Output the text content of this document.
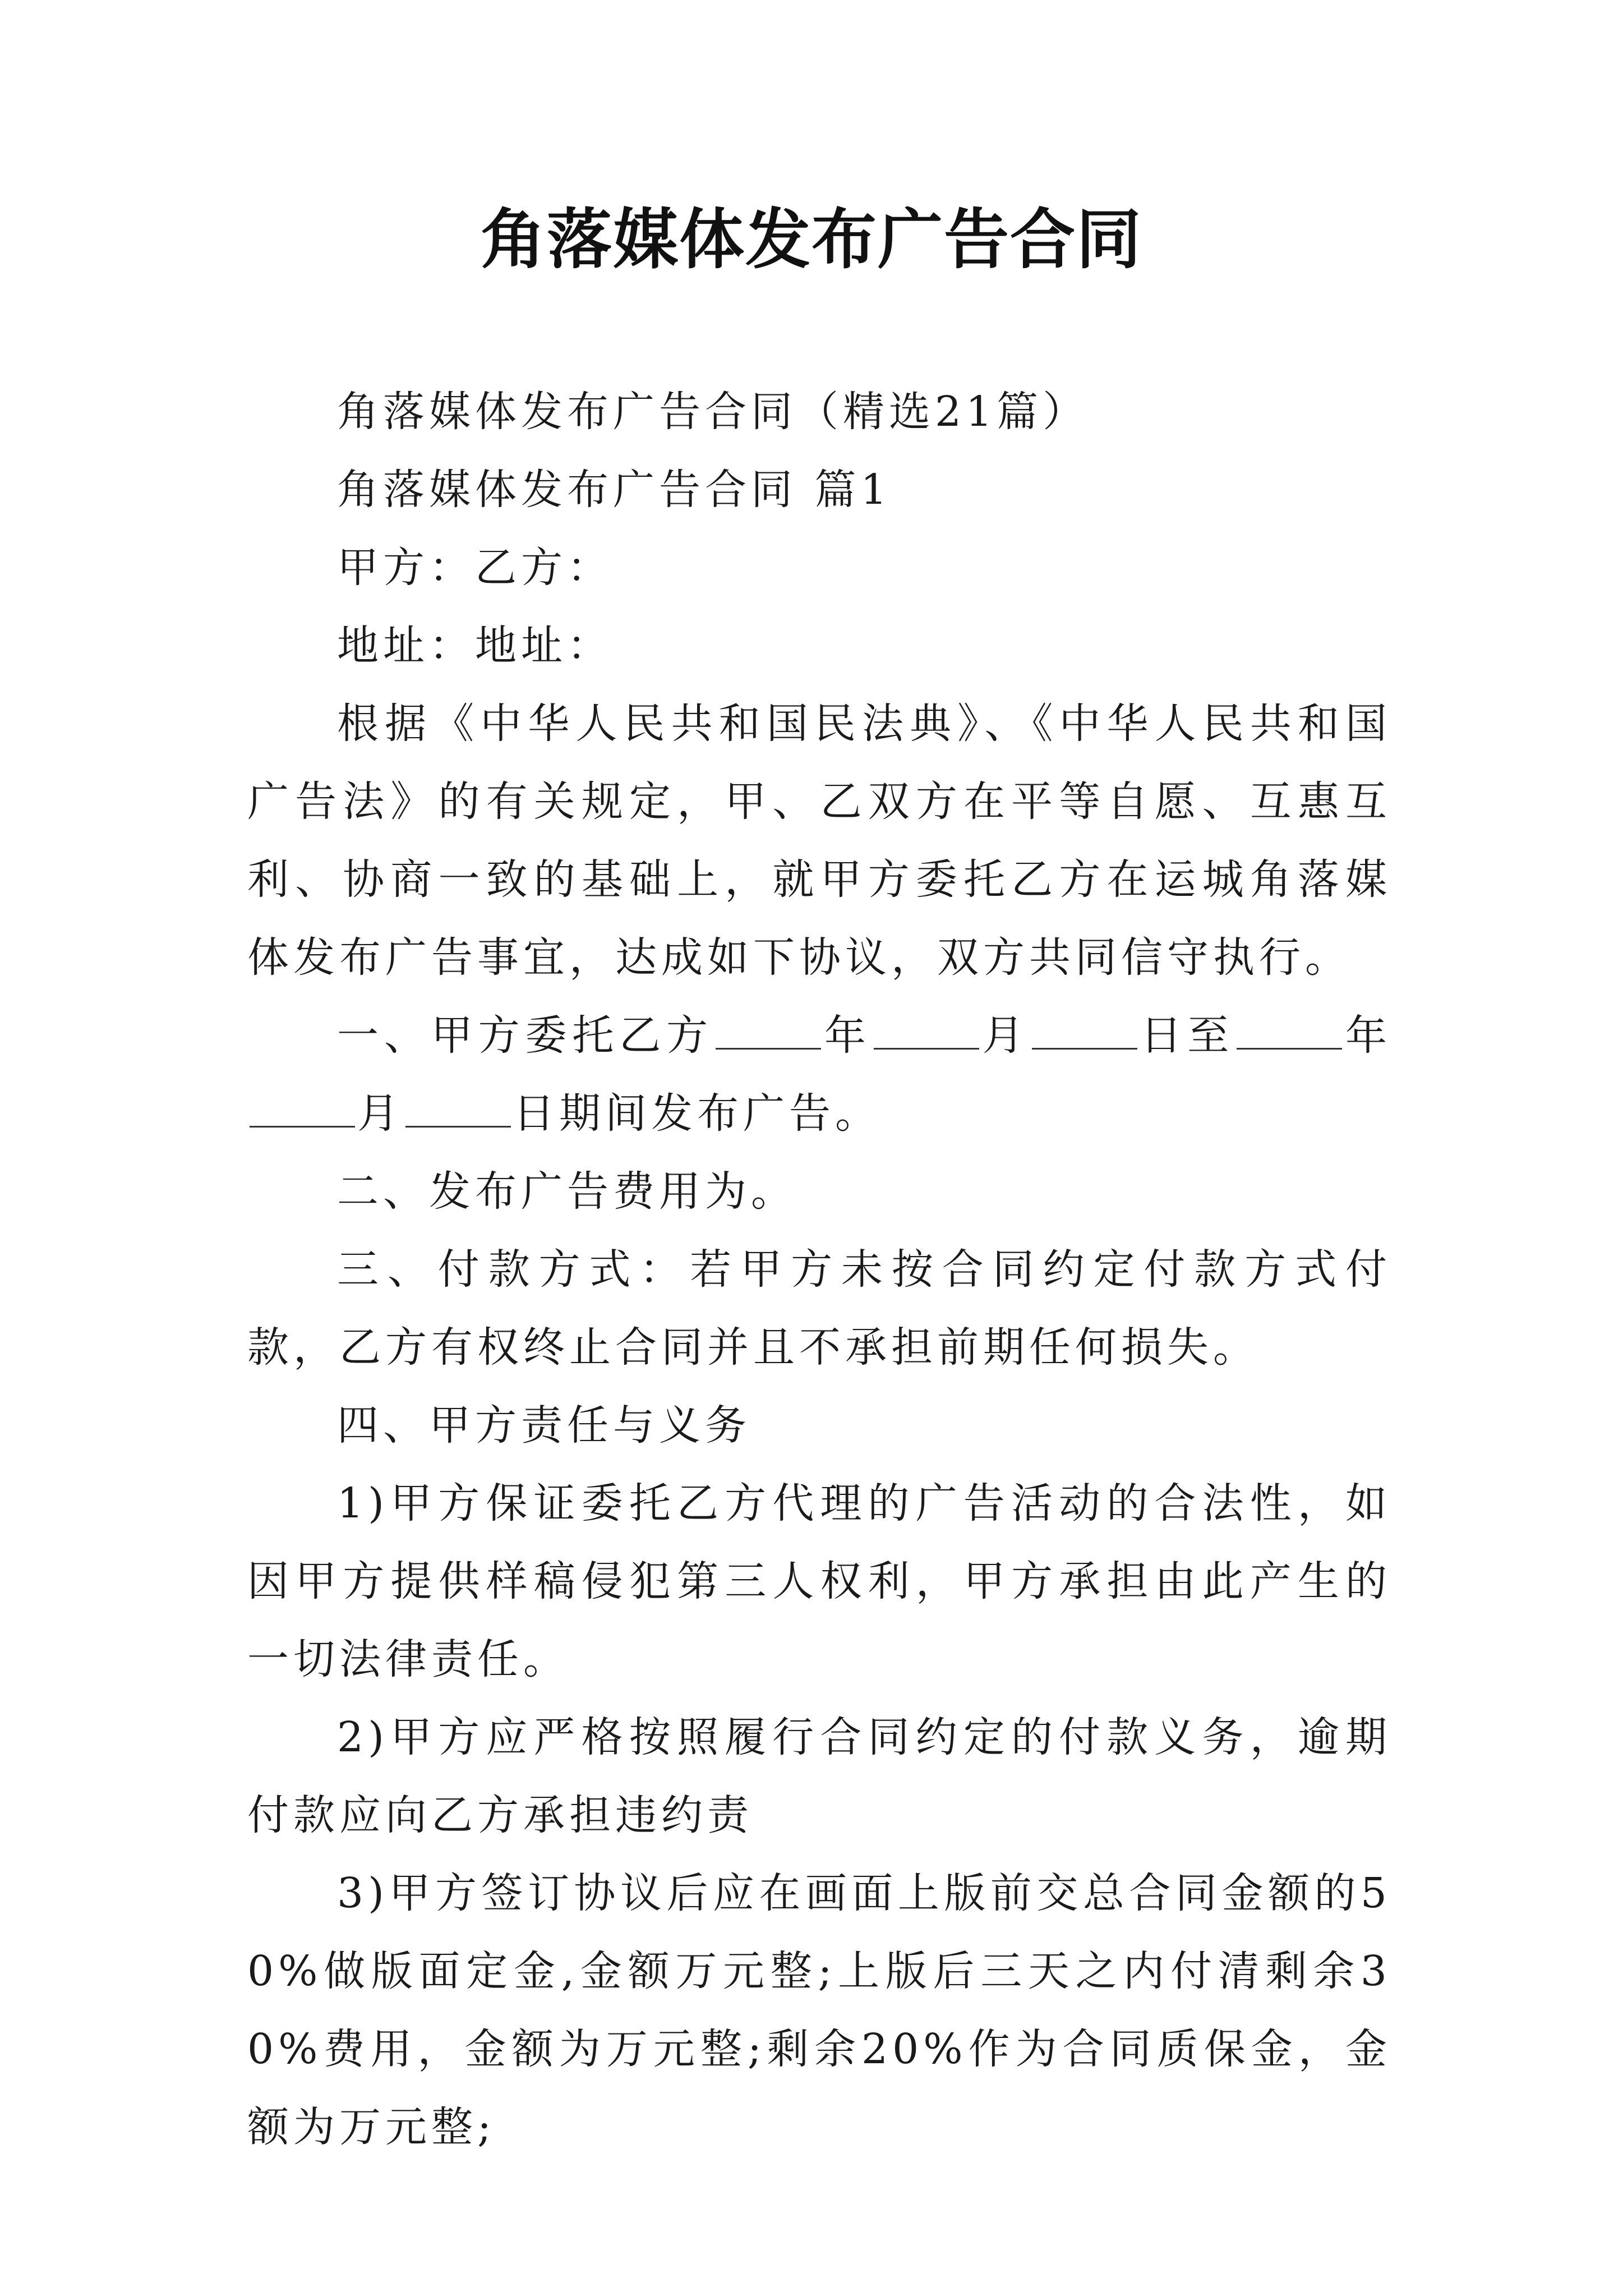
角落媒体发布广告合同

角落媒体发布广告合同（精选21篇）

角落媒体发布广告合同 篇1

甲方：乙方：

地址：地址：

根据《中华人民共和国民法典》、《中华人民共和国广告法》的有关规定，甲、乙双方在平等自愿、互惠互利、协商一致的基础上，就甲方委托乙方在运城角落媒体发布广告事宜，达成如下协议，双方共同信守执行。

一、甲方委托乙方	年	月	日至	年月	日期间发布广告。

二、发布广告费用为。

三、付款方式：若甲方未按合同约定付款方式付款，乙方有权终止合同并且不承担前期任何损失。

四、甲方责任与义务

1)甲方保证委托乙方代理的广告活动的合法性，如因甲方提供样稿侵犯第三人权利，甲方承担由此产生的一切法律责任。

2)甲方应严格按照履行合同约定的付款义务，逾期付款应向乙方承担违约责

3)甲方签订协议后应在画面上版前交总合同金额的50%做版面定金,金额万元整;上版后三天之内付清剩余30%费用，金额为万元整;剩余20%作为合同质保金，金额为万元整;
